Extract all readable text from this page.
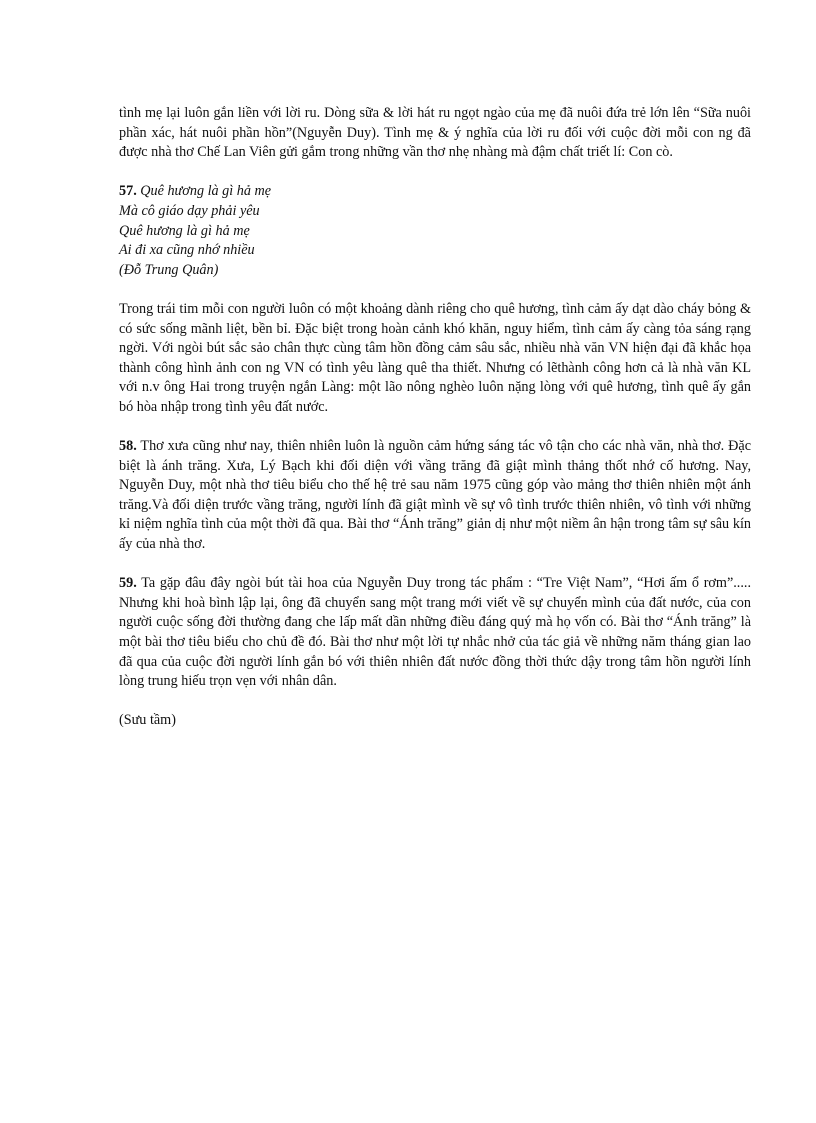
tình mẹ lại luôn gắn liền với lời ru. Dòng sữa & lời hát ru ngọt ngào của mẹ đã nuôi đứa trẻ lớn lên “Sữa nuôi phần xác, hát nuôi phần hồn”(Nguyễn Duy). Tình mẹ & ý nghĩa của lời ru đối với cuộc đời mỗi con ng đã được nhà thơ Chế Lan Viên gửi gắm trong những vần thơ nhẹ nhàng mà đậm chất triết lí: Con cò.

57. Quê hương là gì hả mẹ
Mà cô giáo dạy phải yêu
Quê hương là gì hả mẹ
Ai đi xa cũng nhớ nhiều
(Đỗ Trung Quân)

Trong trái tim mỗi con người luôn có một khoảng dành riêng cho quê hương, tình cảm ấy dạt dào cháy bỏng & có sức sống mãnh liệt, bền bỉ. Đặc biệt trong hoàn cảnh khó khăn, nguy hiểm, tình cảm ấy càng tỏa sáng rạng ngời. Với ngòi bút sắc sảo chân thực cùng tâm hồn đồng cảm sâu sắc, nhiều nhà văn VN hiện đại đã khắc họa thành công hình ảnh con ng VN có tình yêu làng quê tha thiết. Nhưng có lẽthành công hơn cả là nhà văn KL với n.v ông Hai trong truyện ngắn Làng: một lão nông nghèo luôn nặng lòng với quê hương, tình quê ấy gắn bó hòa nhập trong tình yêu đất nước.

58. Thơ xưa cũng như nay, thiên nhiên luôn là nguồn cảm hứng sáng tác vô tận cho các nhà văn, nhà thơ. Đặc biệt là ánh trăng. Xưa, Lý Bạch khi đối diện với vầng trăng đã giật mình thảng thốt nhớ cố hương. Nay, Nguyễn Duy, một nhà thơ tiêu biểu cho thế hệ trẻ sau năm 1975 cũng góp vào mảng thơ thiên nhiên một ánh trăng.Và đối diện trước vầng trăng, người lính đã giật mình về sự vô tình trước thiên nhiên, vô tình với những kỉ niệm nghĩa tình của một thời đã qua. Bài thơ “Ánh trăng” giản dị như một niềm ân hận trong tâm sự sâu kín ấy của nhà thơ.

59. Ta gặp đâu đây ngòi bút tài hoa của Nguyễn Duy trong tác phẩm : “Tre Việt Nam”, “Hơi ấm ổ rơm”..... Nhưng khi hoà bình lập lại, ông đã chuyển sang một trang mới viết về sự chuyển mình của đất nước, của con người cuộc sống đời thường đang che lấp mất dần những điều đáng quý mà họ vốn có. Bài thơ “Ánh trăng” là một bài thơ tiêu biểu cho chủ đề đó. Bài thơ như một lời tự nhắc nhở của tác giả về những năm tháng gian lao đã qua của cuộc đời người lính gắn bó với thiên nhiên đất nước đồng thời thức dậy trong tâm hồn người lính lòng trung hiếu trọn vẹn với nhân dân.

(Sưu tầm)
